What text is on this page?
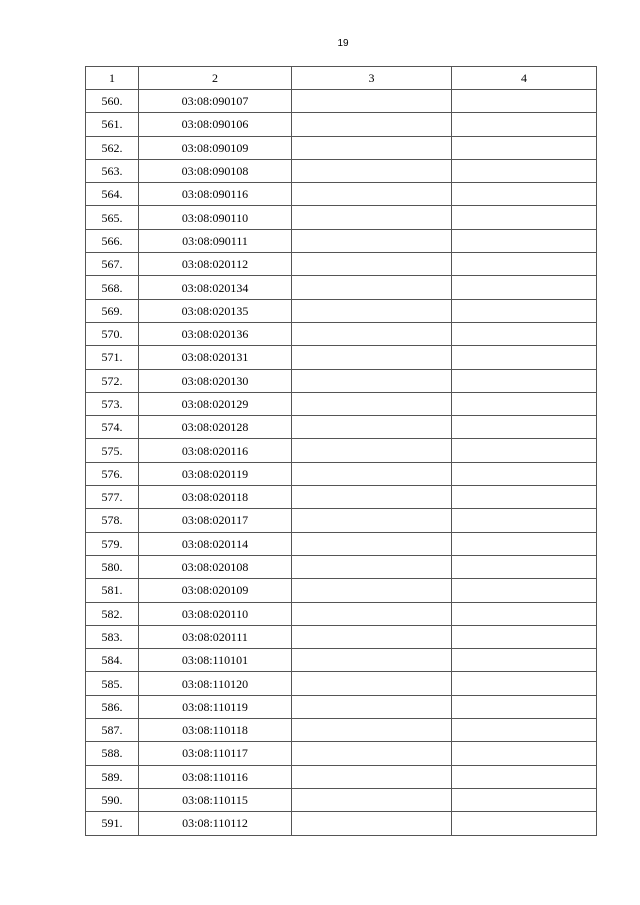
19
1	2	3	4
560.	03:08:090107		
561.	03:08:090106		
562.	03:08:090109		
563.	03:08:090108		
564.	03:08:090116		
565.	03:08:090110		
566.	03:08:090111		
567.	03:08:020112		
568.	03:08:020134		
569.	03:08:020135		
570.	03:08:020136		
571.	03:08:020131		
572.	03:08:020130		
573.	03:08:020129		
574.	03:08:020128		
575.	03:08:020116		
576.	03:08:020119		
577.	03:08:020118		
578.	03:08:020117		
579.	03:08:020114		
580.	03:08:020108		
581.	03:08:020109		
582.	03:08:020110		
583.	03:08:020111		
584.	03:08:110101		
585.	03:08:110120		
586.	03:08:110119		
587.	03:08:110118		
588.	03:08:110117		
589.	03:08:110116		
590.	03:08:110115		
591.	03:08:110112		
